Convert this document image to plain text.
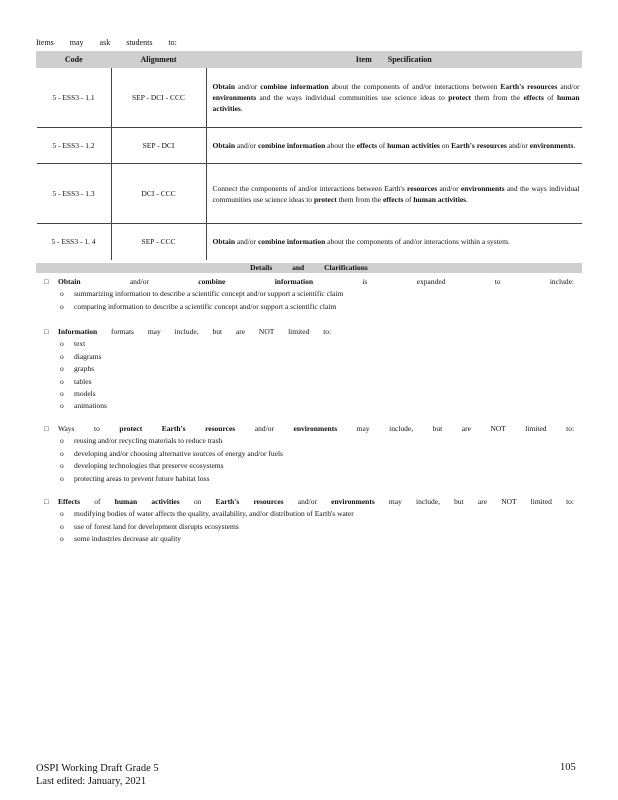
Items may ask students to:
Code	Alignment	Item Specification
5 - ESS3 - 1.1	SEP - DCI - CCC	Obtain and/or combine information about the components of and/or interactions between Earth's resources and/or environments and the ways individual communities use science ideas to protect them from the effects of human activities.
5 - ESS3 - 1.2	SEP - DCI	Obtain and/or combine information about the effects of human activities on Earth's resources and/or environments.
5 - ESS3 - 1.3	DCI - CCC	Connect the components of and/or interactions between Earth's resources and/or environments and the ways individual communities use science ideas to protect them from the effects of human activities.
5 - ESS3 - 1. 4	SEP - CCC	Obtain and/or combine information about the components of and/or interactions within a system.
Details and Clarifications
□ Obtain and/or combine	information is expanded to include:
o	summarizing information to describe a scientific concept and/or support a scientific claim
o	comparing information to describe a scientific concept and/or support a scientific claim
□ Information formats may include, but are NOT limited to:
o	text
o	diagrams
o	graphs
o	tables
o	models
o	animations
□ Ways to protect	Earth's	resources and/or environments may include, but are NOT limited to:
o	reusing and/or recycling materials to reduce trash
o	developing and/or choosing alternative sources of energy and/or fuels
o	developing technologies that preserve ecosystems
o	protecting areas to prevent future habitat loss
□ Effects of human activities on Earth's resources and/or environments may include, but are NOT limited to:
o	modifying bodies of water affects the quality, availability, and/or distribution of Earth's water
o	use of forest land for development disrupts ecosystems
o	some industries decrease air quality
OSPI Working Draft Grade 5
Last edited: January, 2021
105
